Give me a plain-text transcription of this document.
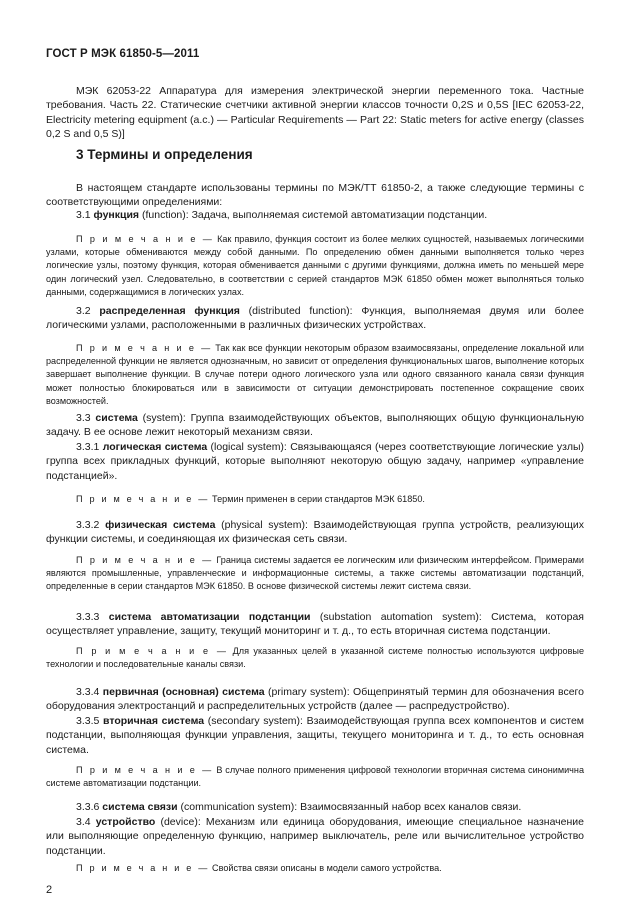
ГОСТ Р МЭК 61850-5—2011

МЭК 62053-22 Аппаратура для измерения электрической энергии переменного тока. Частные требования. Часть 22. Статические счетчики активной энергии классов точности 0,2S и 0,5S [IEC 62053-22, Electricity metering equipment (a.c.) — Particular Requirements — Part 22: Static meters for active energy (classes 0,2 S and 0,5 S)]

3 Термины и определения

В настоящем стандарте использованы термины по МЭК/ТТ 61850-2, а также следующие термины с соответствующими определениями:

3.1 функция (function): Задача, выполняемая системой автоматизации подстанции.

П р и м е ч а н и е — Как правило, функция состоит из более мелких сущностей, называемых логическими узлами, которые обмениваются между собой данными. По определению обмен данными выполняется только через логические узлы, поэтому функция, которая обменивается данными с другими функциями, должна иметь по меньшей мере один логический узел. Следовательно, в соответствии с серией стандартов МЭК 61850 обмен может выполняться только данными, содержащимися в логических узлах.

3.2 распределенная функция (distributed function): Функция, выполняемая двумя или более логическими узлами, расположенными в различных физических устройствах.

П р и м е ч а н и е — Так как все функции некоторым образом взаимосвязаны, определение локальной или распределенной функции не является однозначным, но зависит от определения функциональных шагов, выполнение которых завершает выполнение функции. В случае потери одного логического узла или одного связанного канала связи функция может полностью блокироваться или в зависимости от ситуации демонстрировать постепенное сокращение своих возможностей.

3.3 система (system): Группа взаимодействующих объектов, выполняющих общую функциональную задачу. В ее основе лежит некоторый механизм связи.

3.3.1 логическая система (logical system): Связывающаяся (через соответствующие логические узлы) группа всех прикладных функций, которые выполняют некоторую общую задачу, например «управление подстанцией».

П р и м е ч а н и е — Термин применен в серии стандартов МЭК 61850.

3.3.2 физическая система (physical system): Взаимодействующая группа устройств, реализующих функции системы, и соединяющая их физическая сеть связи.

П р и м е ч а н и е — Граница системы задается ее логическим или физическим интерфейсом. Примерами являются промышленные, управленческие и информационные системы, а также системы автоматизации подстанций, определенные в серии стандартов МЭК 61850. В основе физической системы лежит система связи.

3.3.3 система автоматизации подстанции (substation automation system): Система, которая осуществляет управление, защиту, текущий мониторинг и т. д., то есть вторичная система подстанции.

П р и м е ч а н и е — Для указанных целей в указанной системе полностью используются цифровые технологии и последовательные каналы связи.

3.3.4 первичная (основная) система (primary system): Общепринятый термин для обозначения всего оборудования электростанций и распределительных устройств (далее — распредустройство).

3.3.5 вторичная система (secondary system): Взаимодействующая группа всех компонентов и систем подстанции, выполняющая функции управления, защиты, текущего мониторинга и т. д., то есть основная система.

П р и м е ч а н и е — В случае полного применения цифровой технологии вторичная система синонимична системе автоматизации подстанции.

3.3.6 система связи (communication system): Взаимосвязанный набор всех каналов связи.

3.4 устройство (device): Механизм или единица оборудования, имеющие специальное назначение или выполняющие определенную функцию, например выключатель, реле или вычислительное устройство подстанции.

П р и м е ч а н и е — Свойства связи описаны в модели самого устройства.

2
